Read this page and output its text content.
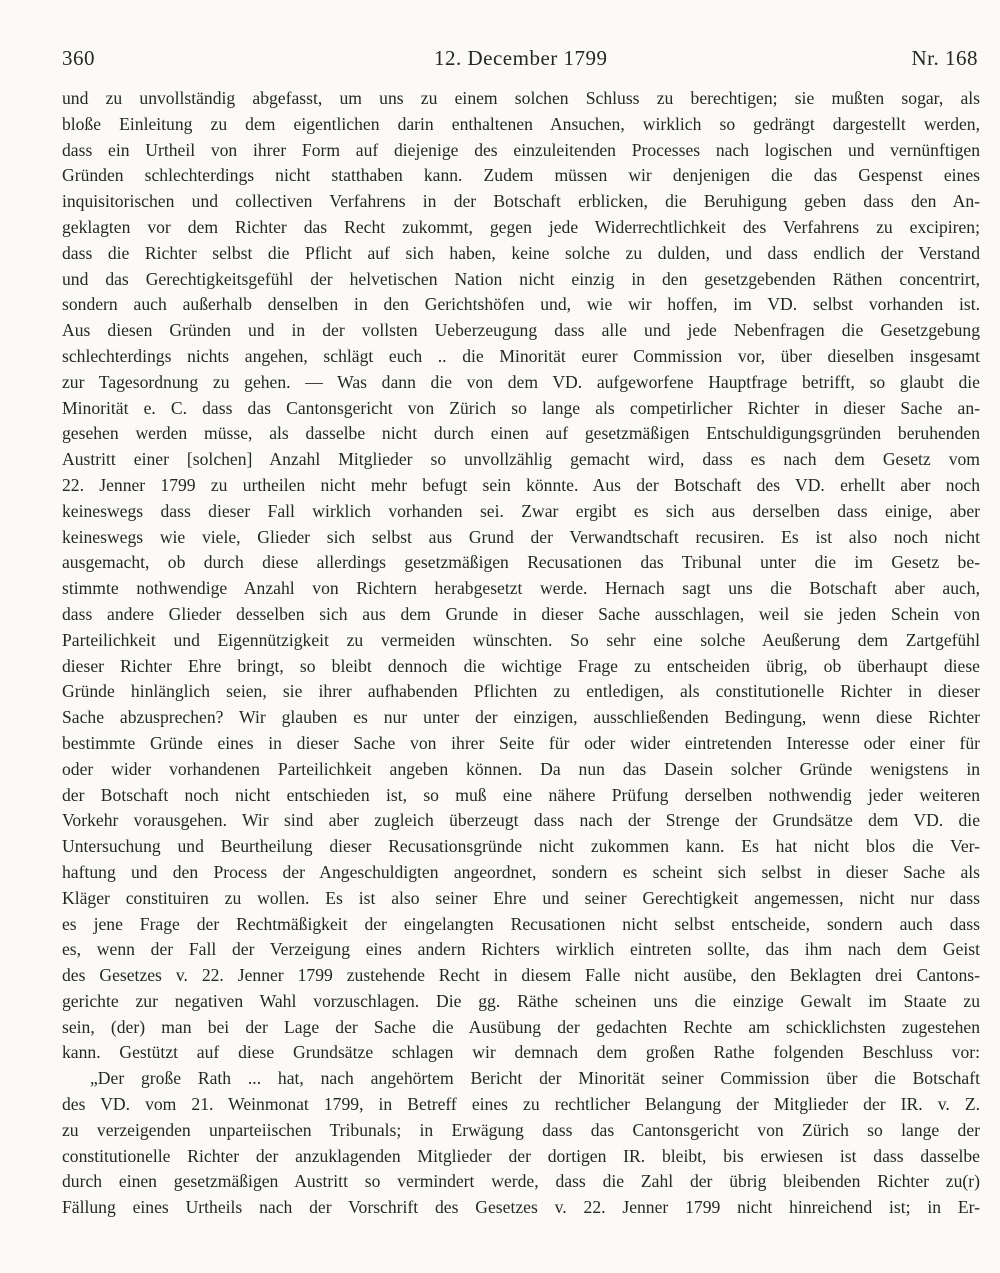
360	12. December 1799	Nr. 168
und zu unvollständig abgefasst, um uns zu einem solchen Schluss zu berechtigen; sie mußten sogar, als
bloße Einleitung zu dem eigentlichen darin enthaltenen Ansuchen, wirklich so gedrängt dargestellt werden,
dass ein Urtheil von ihrer Form auf diejenige des einzuleitenden Processes nach logischen und vernünftigen
Gründen schlechterdings nicht statthaben kann. Zudem müssen wir denjenigen die das Gespenst eines
inquisitorischen und collectiven Verfahrens in der Botschaft erblicken, die Beruhigung geben dass den An-
geklagten vor dem Richter das Recht zukommt, gegen jede Widerrechtlichkeit des Verfahrens zu excipiren;
dass die Richter selbst die Pflicht auf sich haben, keine solche zu dulden, und dass endlich der Verstand
und das Gerechtigkeitsgefühl der helvetischen Nation nicht einzig in den gesetzgebenden Räthen concentrirt,
sondern auch außerhalb denselben in den Gerichtshöfen und, wie wir hoffen, im VD. selbst vorhanden ist.
Aus diesen Gründen und in der vollsten Ueberzeugung dass alle und jede Nebenfragen die Gesetzgebung
schlechterdings nichts angehen, schlägt euch .. die Minorität eurer Commission vor, über dieselben insgesamt
zur Tagesordnung zu gehen. — Was dann die von dem VD. aufgeworfene Hauptfrage betrifft, so glaubt die
Minorität e. C. dass das Cantonsgericht von Zürich so lange als competirlicher Richter in dieser Sache an-
gesehen werden müsse, als dasselbe nicht durch einen auf gesetzmäßigen Entschuldigungsgründen beruhenden
Austritt einer [solchen] Anzahl Mitglieder so unvollzählig gemacht wird, dass es nach dem Gesetz vom
22. Jenner 1799 zu urtheilen nicht mehr befugt sein könnte. Aus der Botschaft des VD. erhellt aber noch
keineswegs dass dieser Fall wirklich vorhanden sei. Zwar ergibt es sich aus derselben dass einige, aber
keineswegs wie viele, Glieder sich selbst aus Grund der Verwandtschaft recusiren. Es ist also noch nicht
ausgemacht, ob durch diese allerdings gesetzmäßigen Recusationen das Tribunal unter die im Gesetz be-
stimmte nothwendige Anzahl von Richtern herabgesetzt werde. Hernach sagt uns die Botschaft aber auch,
dass andere Glieder desselben sich aus dem Grunde in dieser Sache ausschlagen, weil sie jeden Schein von
Parteilichkeit und Eigennützigkeit zu vermeiden wünschten. So sehr eine solche Aeußerung dem Zartgefühl
dieser Richter Ehre bringt, so bleibt dennoch die wichtige Frage zu entscheiden übrig, ob überhaupt diese
Gründe hinlänglich seien, sie ihrer aufhabenden Pflichten zu entledigen, als constitutionelle Richter in dieser
Sache abzusprechen? Wir glauben es nur unter der einzigen, ausschließenden Bedingung, wenn diese Richter
bestimmte Gründe eines in dieser Sache von ihrer Seite für oder wider eintretenden Interesse oder einer für
oder wider vorhandenen Parteilichkeit angeben können. Da nun das Dasein solcher Gründe wenigstens in
der Botschaft noch nicht entschieden ist, so muß eine nähere Prüfung derselben nothwendig jeder weiteren
Vorkehr vorausgehen. Wir sind aber zugleich überzeugt dass nach der Strenge der Grundsätze dem VD. die
Untersuchung und Beurtheilung dieser Recusationsgründe nicht zukommen kann. Es hat nicht blos die Ver-
haftung und den Process der Angeschuldigten angeordnet, sondern es scheint sich selbst in dieser Sache als
Kläger constituiren zu wollen. Es ist also seiner Ehre und seiner Gerechtigkeit angemessen, nicht nur dass
es jene Frage der Rechtmäßigkeit der eingelangten Recusationen nicht selbst entscheide, sondern auch dass
es, wenn der Fall der Verzeigung eines andern Richters wirklich eintreten sollte, das ihm nach dem Geist
des Gesetzes v. 22. Jenner 1799 zustehende Recht in diesem Falle nicht ausübe, den Beklagten drei Cantons-
gerichte zur negativen Wahl vorzuschlagen. Die gg. Räthe scheinen uns die einzige Gewalt im Staate zu
sein, (der) man bei der Lage der Sache die Ausübung der gedachten Rechte am schicklichsten zugestehen
kann. Gestützt auf diese Grundsätze schlagen wir demnach dem großen Rathe folgenden Beschluss vor:
„Der große Rath ... hat, nach angehörtem Bericht der Minorität seiner Commission über die Botschaft
des VD. vom 21. Weinmonat 1799, in Betreff eines zu rechtlicher Belangung der Mitglieder der IR. v. Z.
zu verzeigenden unparteiischen Tribunals; in Erwägung dass das Cantonsgericht von Zürich so lange der
constitutionelle Richter der anzuklagenden Mitglieder der dortigen IR. bleibt, bis erwiesen ist dass dasselbe
durch einen gesetzmäßigen Austritt so vermindert werde, dass die Zahl der übrig bleibenden Richter zu(r)
Fällung eines Urtheils nach der Vorschrift des Gesetzes v. 22. Jenner 1799 nicht hinreichend ist; in Er-
